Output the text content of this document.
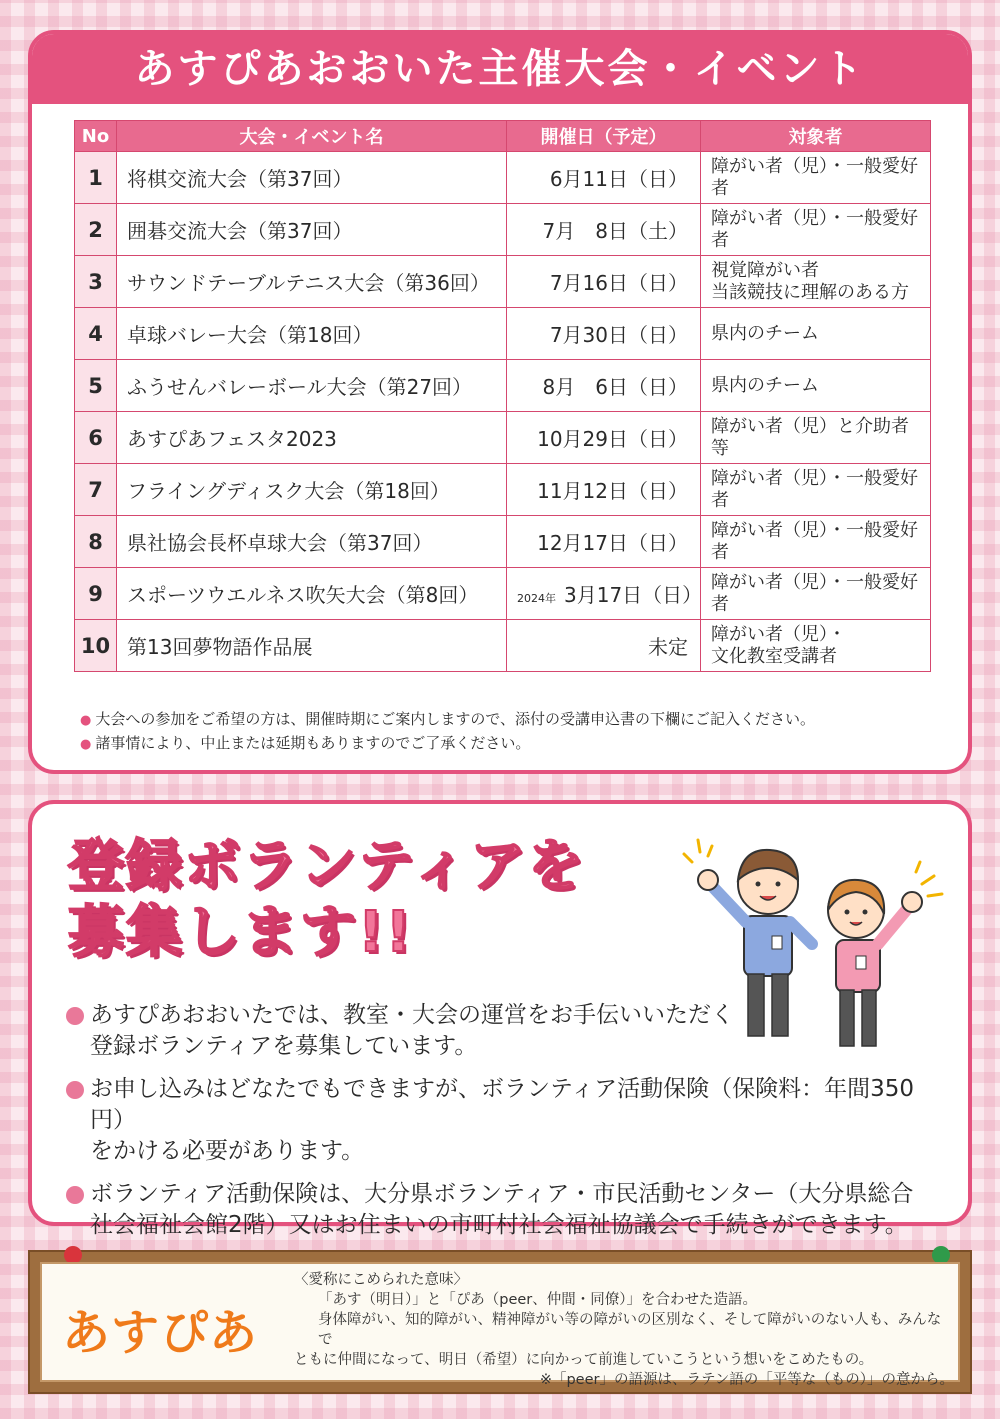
あすぴあおおいた主催大会・イベント
No	大会・イベント名	開催日（予定）	対象者
1	将棋交流大会（第37回）	6月11日（日）	障がい者（児）・一般愛好者

2	囲碁交流大会（第37回）	7月　8日（土）	障がい者（児）・一般愛好者

3	サウンドテーブルテニス大会（第36回）	7月16日（日）	視覚障がい者
当該競技に理解のある方

4	卓球バレー大会（第18回）	7月30日（日）	県内のチーム

5	ふうせんバレーボール大会（第27回）	8月　6日（日）	県内のチーム

6	あすぴあフェスタ2023	10月29日（日）	障がい者（児）と介助者等

7	フライングディスク大会（第18回）	11月12日（日）	障がい者（児）・一般愛好者

8	県社協会長杯卓球大会（第37回）	12月17日（日）	障がい者（児）・一般愛好者

9	スポーツウエルネス吹矢大会（第8回）	2024年 3月17日（日）	障がい者（児）・一般愛好者

10	第13回夢物語作品展	未定	障がい者（児）・
文化教室受講者
● 大会への参加をご希望の方は、開催時期にご案内しますので、添付の受講申込書の下欄にご記入ください。
● 諸事情により、中止または延期もありますのでご了承ください。
登録ボランティアを
募集します!!
あすぴあおおいたでは、教室・大会の運営をお手伝いいただく
登録ボランティアを募集しています。
お申し込みはどなたでもできますが、ボランティア活動保険（保険料：年間350円）
をかける必要があります。
ボランティア活動保険は、大分県ボランティア・市民活動センター（大分県総合
社会福祉会館2階）又はお住まいの市町村社会福祉協議会で手続きができます。
あすぴあ
〈愛称にこめられた意味〉
「あす（明日）」と「ぴあ（peer、仲間・同僚）」を合わせた造語。
身体障がい、知的障がい、精神障がい等の障がいの区別なく、そして障がいのない人も、みんなで
ともに仲間になって、明日（希望）に向かって前進していこうという想いをこめたもの。
※「peer」の語源は、ラテン語の「平等な（もの）」の意から。
